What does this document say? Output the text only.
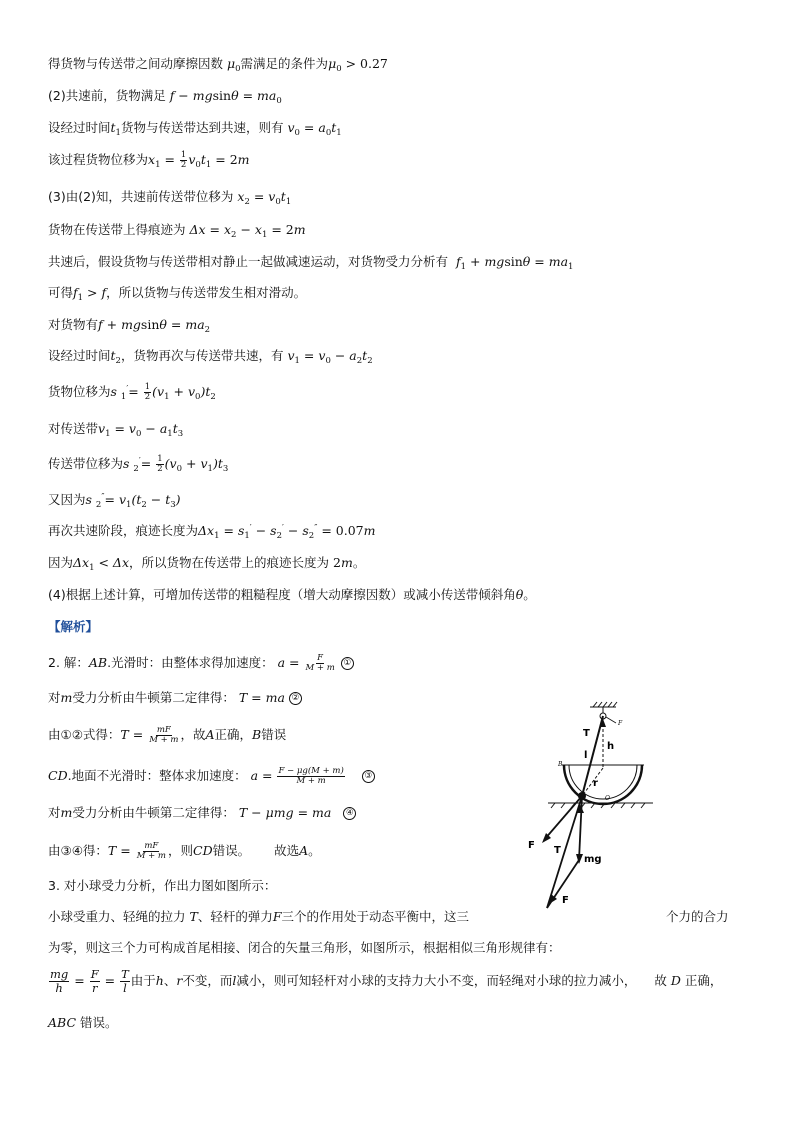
得货物与传送带之间动摩擦因数 $\mu_0$需满足的条件为$\mu_0 > 0.27$
(2)共速前，货物满足 $f - mgsin\theta = ma_0$
设经过时间$t_1$货物与传送带达到共速，则有 $v_0 = a_0t_1$
该过程货物位移为$x_1 = \frac{1}{2} v_0t_1 = 2m$
(3)由(2)知，共速前传送带位移为 $x_2 = v_0t_1$
货物在传送带上得痕迹为 $\Delta x = x_2 - x_1 = 2m$
共速后，假设货物与传送带相对静止一起做减速运动，对货物受力分析有  $f_1 + mgsin\theta = ma_1$
可得$f_1 > f$，所以货物与传送带发生相对滑动。
对货物有$f + mgsin\theta = ma_2$
设经过时间$t_2$，货物再次与传送带共速，有 $v_1 = v_0 - a_2t_2$
货物位移为s $_1'= \frac{1}{2} (v_1 + v_0)t_2$
对传送带$v_1 = v_0 - a_1t_3$
传送带位移为s $_2'= \frac{1}{2} (v_0 + v_1)t_3$
又因为s $_2''= v_1(t_2 - t_3)$
再次共速阶段，痕迹长度为$\Delta x_1 = s_1' - s_2' - s_2'' = 0.07m$
因为$\Delta x_1 < \Delta x$，所以货物在传送带上的痕迹长度为 2m。
(4)根据上述计算，可增加传送带的粗糙程度（增大动摩擦因数）或减小传送带倾斜角θ。
【解析】
2. 解：AB.光滑时：由整体求得加速度： $a = \frac{F}{M + m}$ ①
对m受力分析由牛顿第二定律得： T = ma ②
由①②式得：$T = \frac{mF}{M + m}$ ，故A正确，B错误
CD.地面不光滑时：整体求加速度： $a = \frac{F - \mu g(M + m)}{M + m}$ ③
对m受力分析由牛顿第二定律得： T − μmg = ma ④
由③④得：$T = \frac{mF}{M + m}$ ，则CD错误。 故选A。
3. 对小球受力分析，作出力图如图所示：
小球受重力、轻绳的拉力 T、轻杆的弹力F三个的作用处于动态平衡中，这三	个力的合力
为零，则这三个力可构成首尾相接、闭合的矢量三角形，如图所示，根据相似三角形规律有：
$\frac{mg}{h} = \frac{F}{r} = \frac{T}{l}$ 由于h、r不变，而l减小，则可知轻杆对小球的支持力大小不变，而轻绳对小球的拉力减小， 故 D 正确，
ABC 错误。
T
h
l
B
r
O
F
T
mg
F
F
